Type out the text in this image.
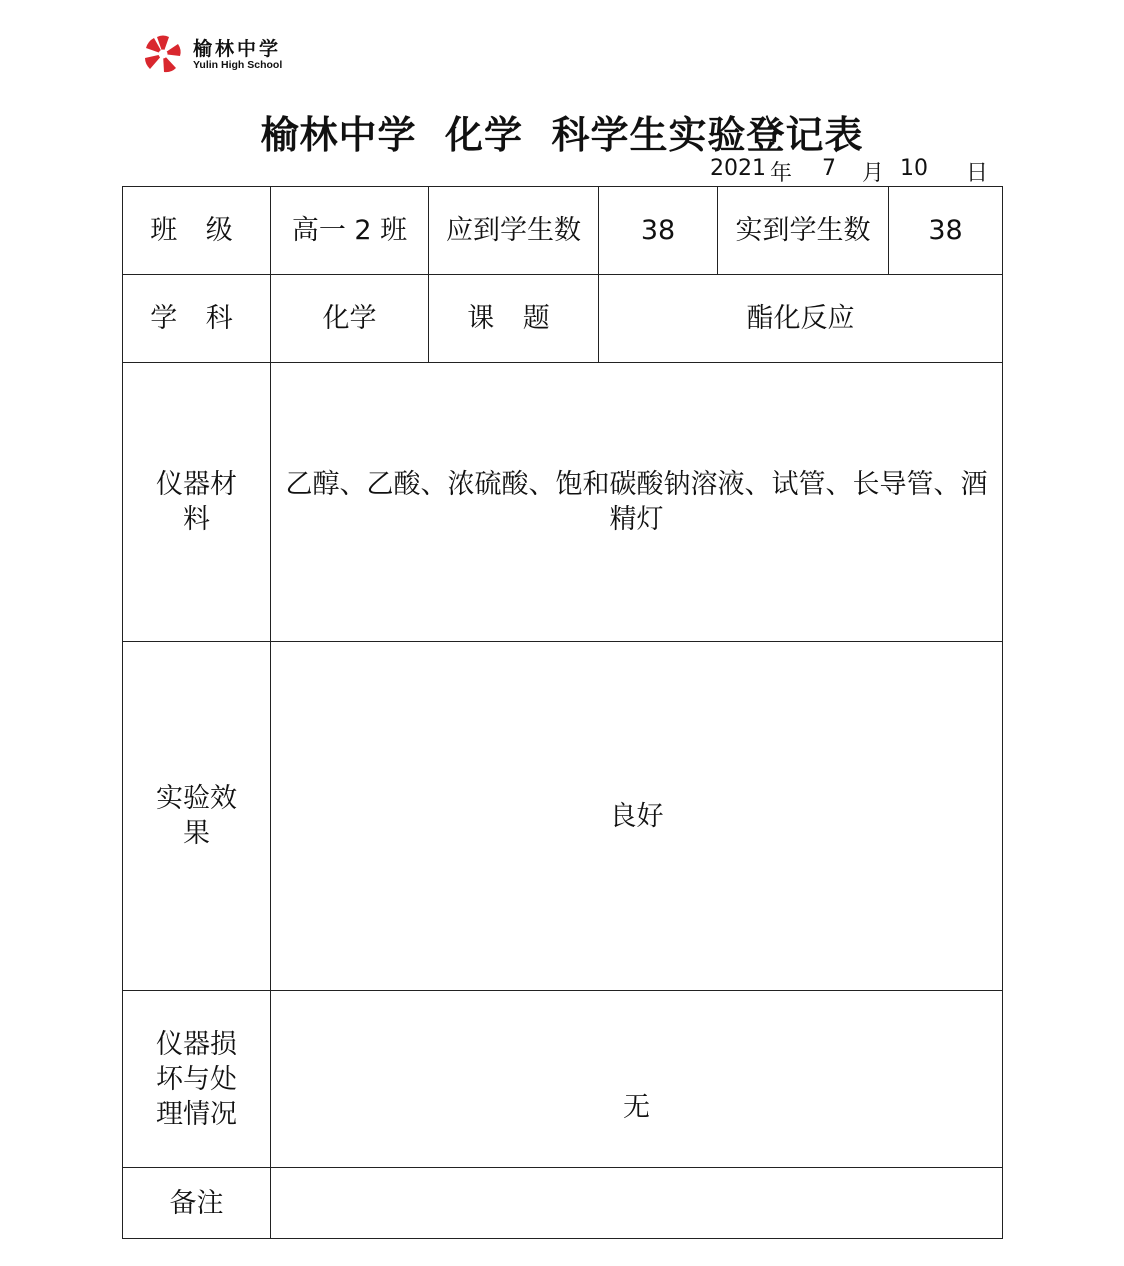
榆林中学
Yulin High School
榆林中学  化学  科学生实验登记表
2021 年 7 月 10 日
班 级	高一 2 班	应到学生数	38	实到学生数	38
学 科	化学	课 题	酯化反应		
仪器材料	乙醇、乙酸、浓硫酸、饱和碳酸钠溶液、试管、长导管、酒精灯				
实验效果	良好				
仪器损坏与处理情况	无				
备注					
